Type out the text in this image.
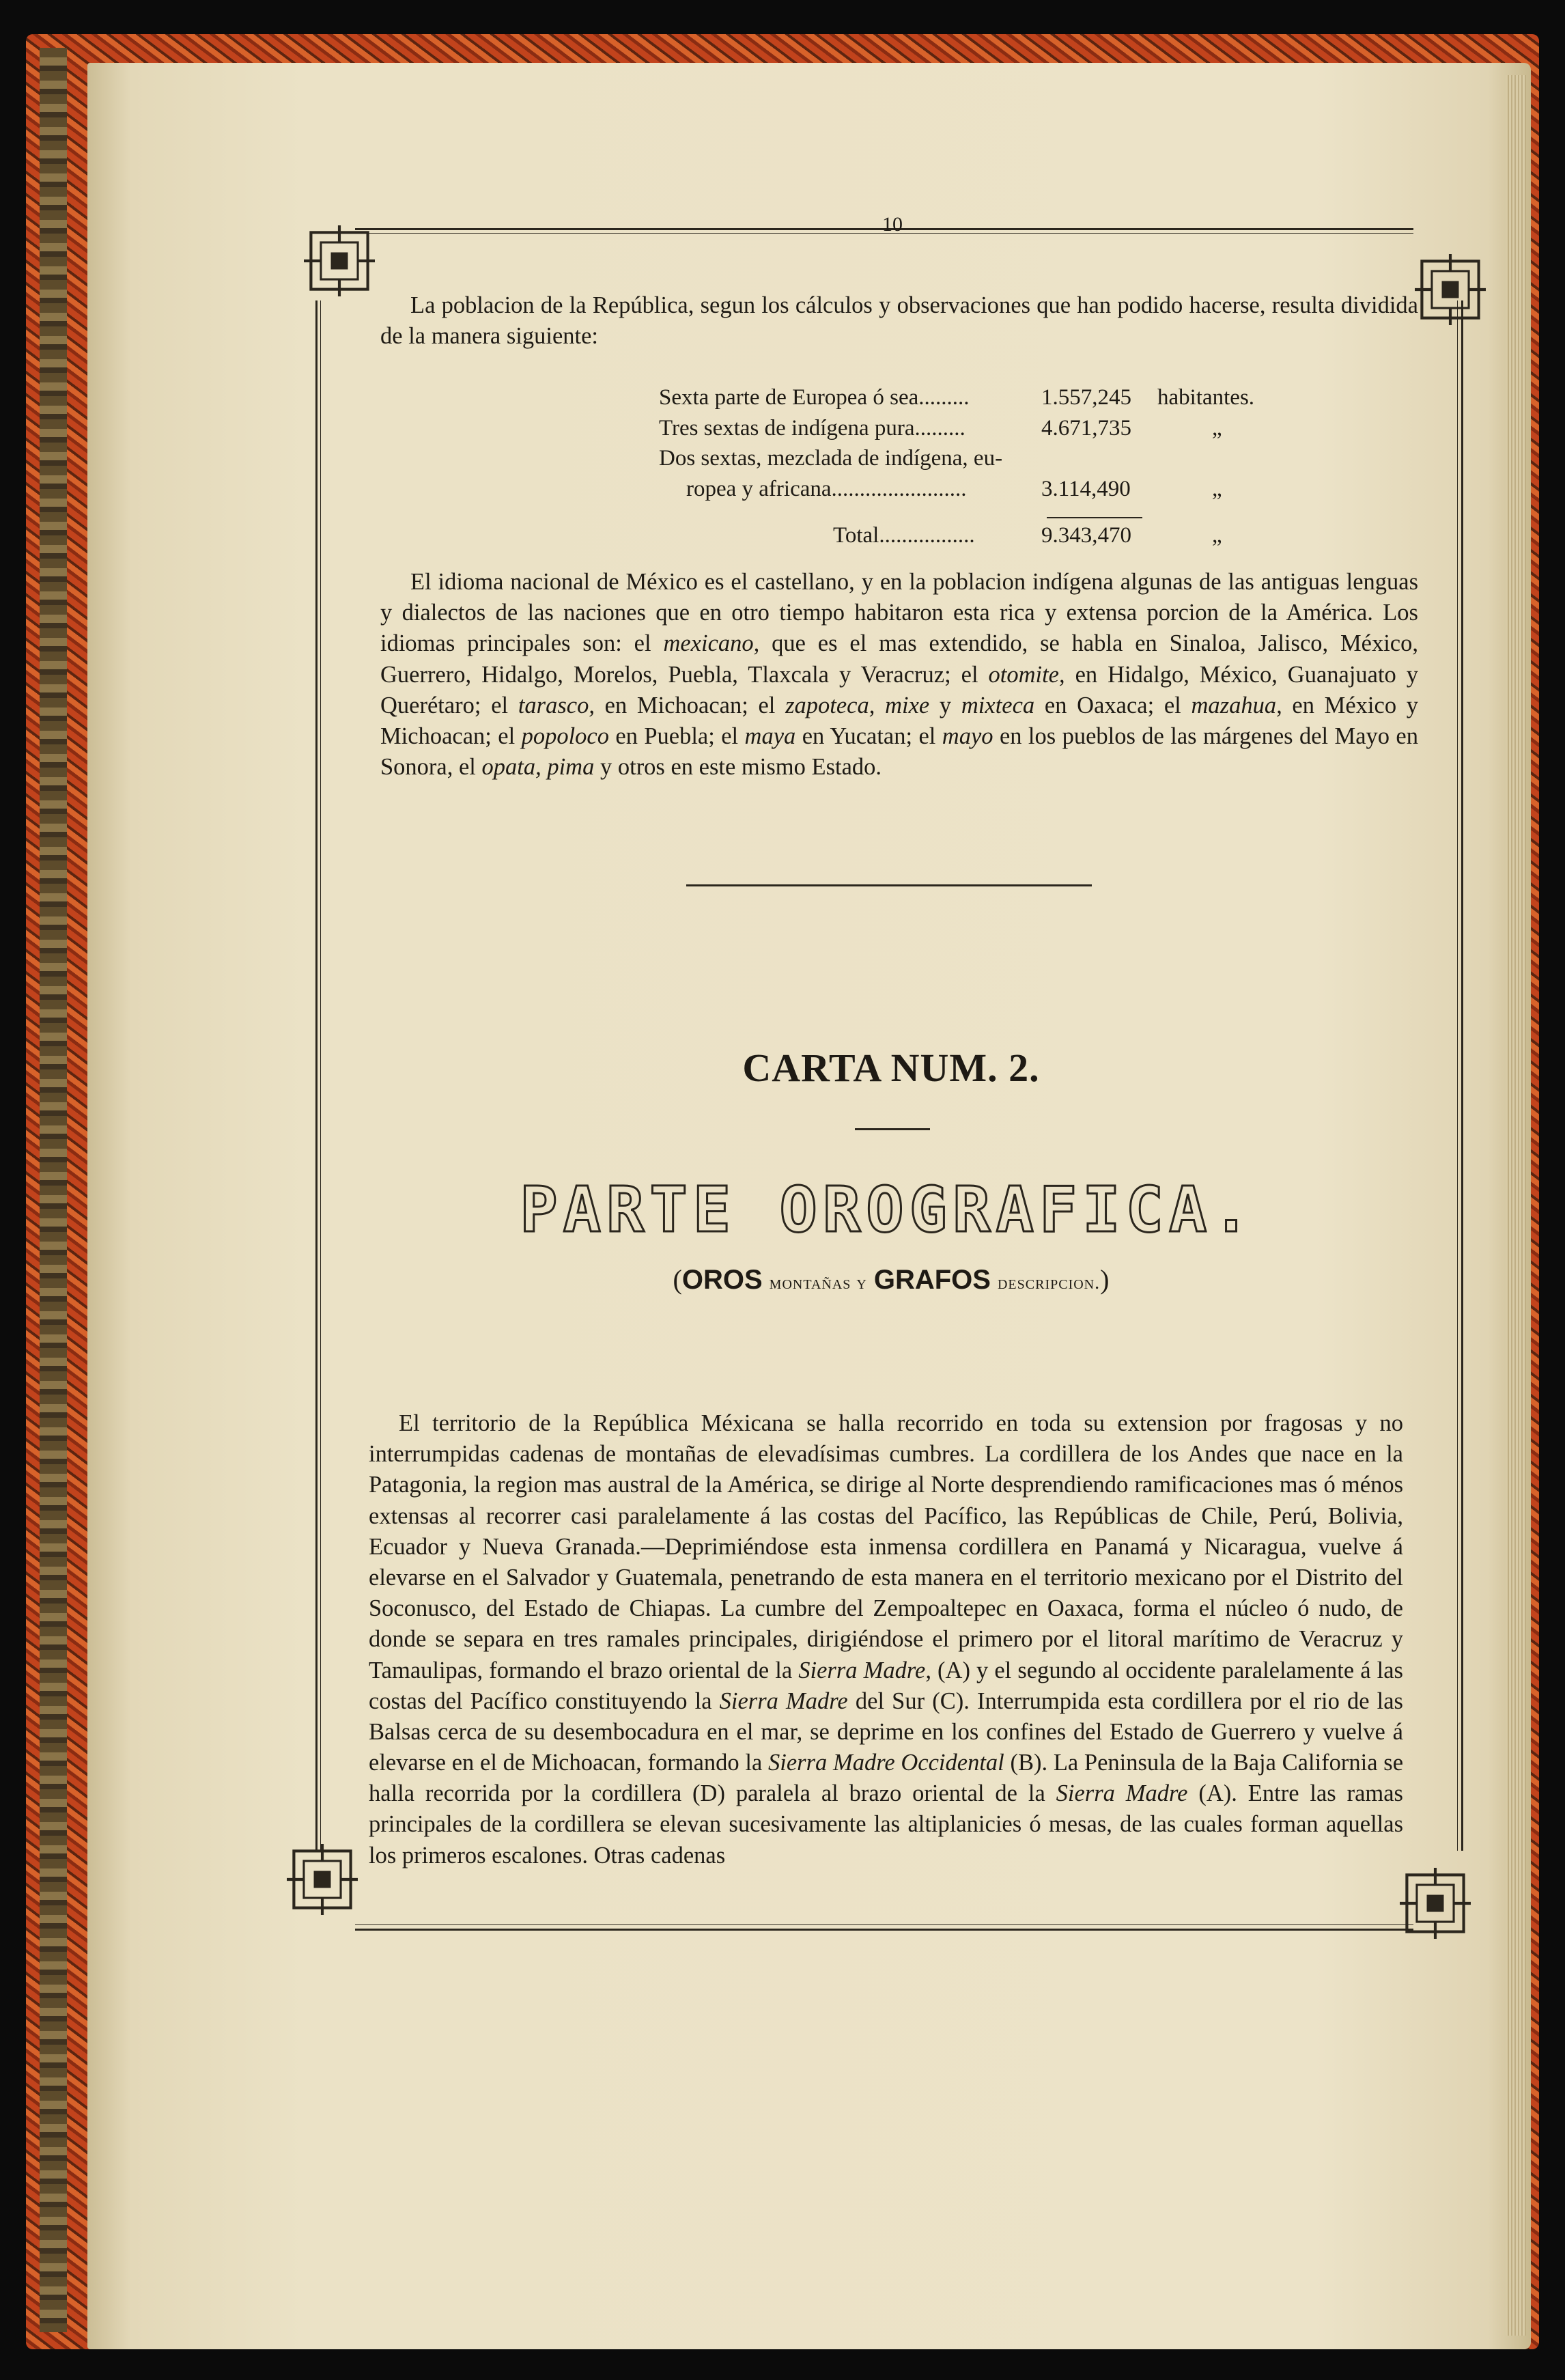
10

La poblacion de la República, segun los cálculos y observaciones que han podido hacerse, resulta dividida de la manera siguiente:

Sexta parte de Europea ó sea.........	1.557,245	habitantes.
Tres sextas de indígena pura.........	4.671,735	„
Dos sextas, mezclada de indígena, eu-
ropea y africana........................	3.114,490	„
Total.................	9.343,470	„

El idioma nacional de México es el castellano, y en la poblacion indígena algunas de las antiguas lenguas y dialectos de las naciones que en otro tiempo habitaron esta rica y extensa porcion de la América. Los idiomas principales son: el mexicano, que es el mas extendido, se habla en Sinaloa, Jalisco, México, Guerrero, Hidalgo, Morelos, Puebla, Tlaxcala y Veracruz; el otomite, en Hidalgo, México, Guanajuato y Querétaro; el tarasco, en Michoacan; el zapoteca, mixe y mixteca en Oaxaca; el mazahua, en México y Michoacan; el popoloco en Puebla; el maya en Yucatan; el mayo en los pueblos de las márgenes del Mayo en Sonora, el opata, pima y otros en este mismo Estado.

CARTA NUM. 2.
PARTE OROGRAFICA.
(OROS montañas y GRAFOS descripcion.)

El territorio de la República Méxicana se halla recorrido en toda su extension por fragosas y no interrumpidas cadenas de montañas de elevadísimas cumbres. La cordillera de los Andes que nace en la Patagonia, la region mas austral de la América, se dirige al Norte desprendiendo ramificaciones mas ó ménos extensas al recorrer casi paralelamente á las costas del Pacífico, las Repúblicas de Chile, Perú, Bolivia, Ecuador y Nueva Granada.—Deprimiéndose esta inmensa cordillera en Panamá y Nicaragua, vuelve á elevarse en el Salvador y Guatemala, penetrando de esta manera en el territorio mexicano por el Distrito del Soconusco, del Estado de Chiapas. La cumbre del Zempoaltepec en Oaxaca, forma el núcleo ó nudo, de donde se separa en tres ramales principales, dirigiéndose el primero por el litoral marítimo de Veracruz y Tamaulipas, formando el brazo oriental de la Sierra Madre, (A) y el segundo al occidente paralelamente á las costas del Pacífico constituyendo la Sierra Madre del Sur (C). Interrumpida esta cordillera por el rio de las Balsas cerca de su desembocadura en el mar, se deprime en los confines del Estado de Guerrero y vuelve á elevarse en el de Michoacan, formando la Sierra Madre Occidental (B). La Peninsula de la Baja California se halla recorrida por la cordillera (D) paralela al brazo oriental de la Sierra Madre (A). Entre las ramas principales de la cordillera se elevan sucesivamente las altiplanicies ó mesas, de las cuales forman aquellas los primeros escalones. Otras cadenas
